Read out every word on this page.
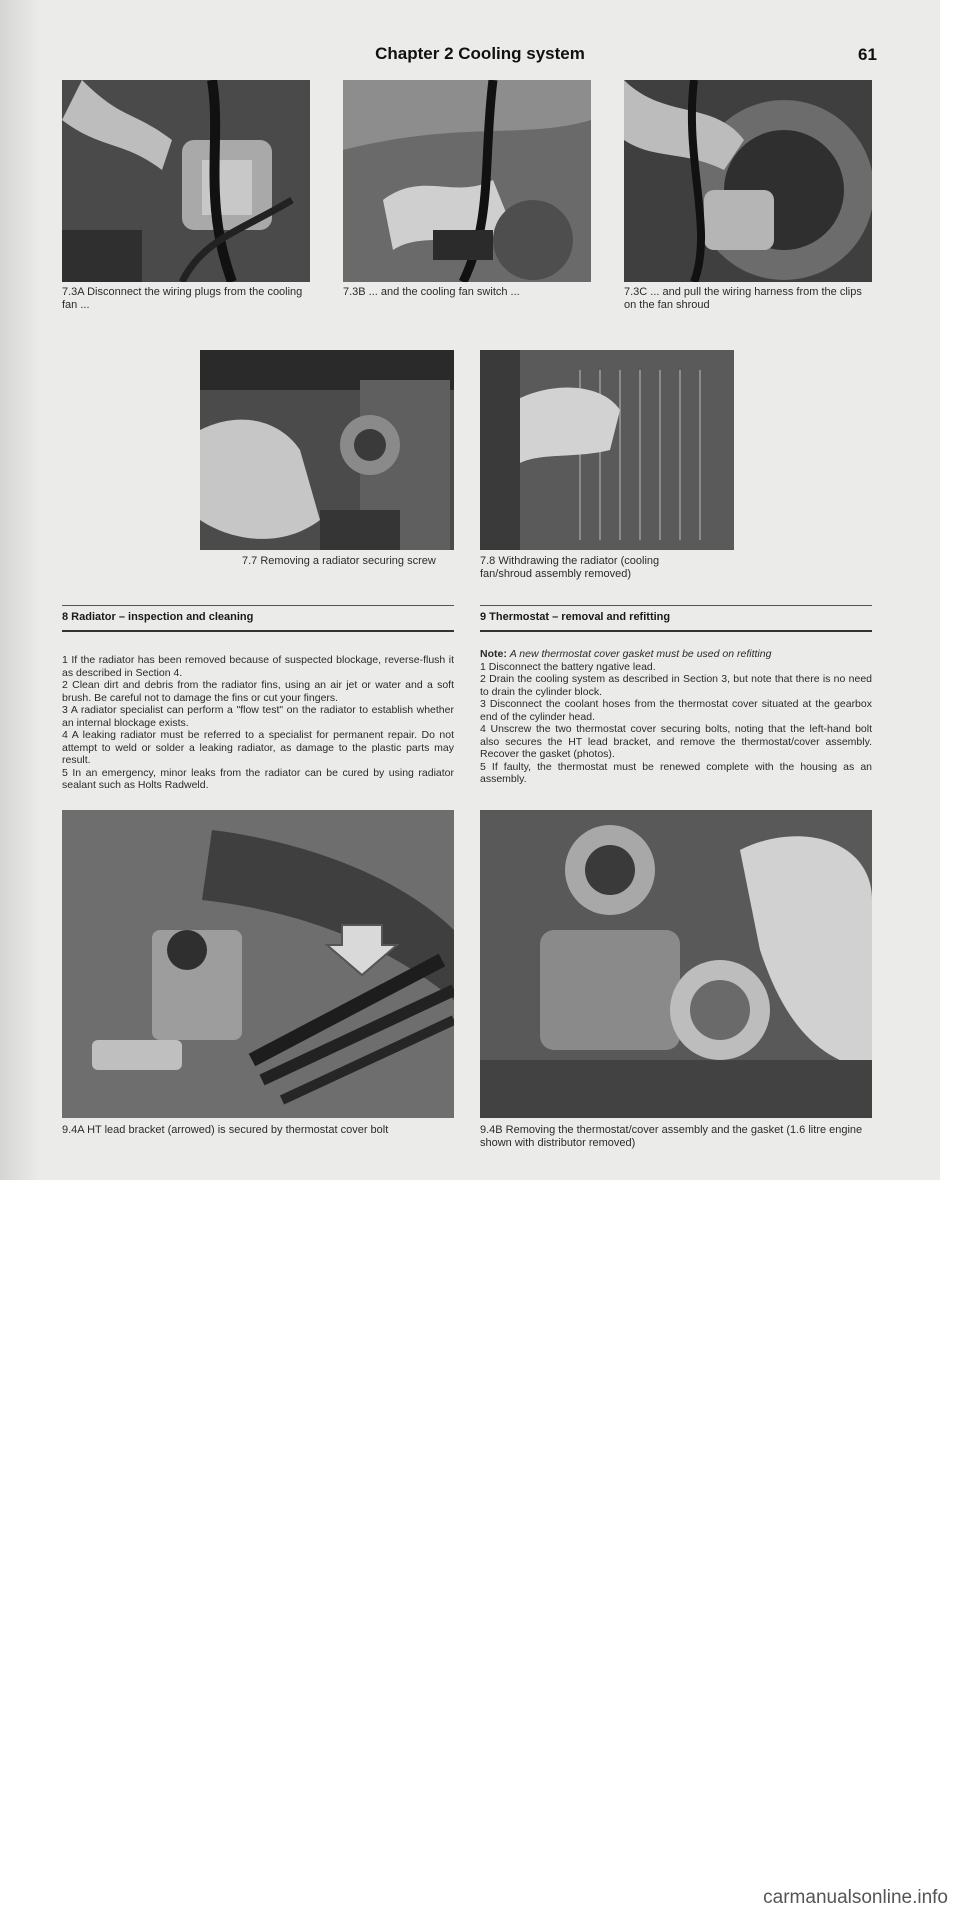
Chapter 2 Cooling system	61
7.3A Disconnect the wiring plugs from the cooling fan ...
7.3B ... and the cooling fan switch ...	7.3C ... and pull the wiring harness from the clips on the fan shroud
7.7 Removing a radiator securing screw	7.8 Withdrawing the radiator (cooling fan/shroud assembly removed)
8 Radiator – inspection and cleaning

1 If the radiator has been removed because of suspected blockage, reverse-flush it as described in Section 4.

2 Clean dirt and debris from the radiator fins, using an air jet or water and a soft brush. Be careful not to damage the fins or cut your fingers.

3 A radiator specialist can perform a "flow test" on the radiator to establish whether an internal blockage exists.

4 A leaking radiator must be referred to a specialist for permanent repair. Do not attempt to weld or solder a leaking radiator, as damage to the plastic parts may result.

5 In an emergency, minor leaks from the radiator can be cured by using radiator sealant such as Holts Radweld.

9 Thermostat – removal and refitting

Note: A new thermostat cover gasket must be used on refitting

1 Disconnect the battery ngative lead.

2 Drain the cooling system as described in Section 3, but note that there is no need to drain the cylinder block.

3 Disconnect the coolant hoses from the thermostat cover situated at the gearbox end of the cylinder head.

4 Unscrew the two thermostat cover securing bolts, noting that the left-hand bolt also secures the HT lead bracket, and remove the thermostat/cover assembly. Recover the gasket (photos).

5 If faulty, the thermostat must be renewed complete with the housing as an assembly.

9.4A HT lead bracket (arrowed) is secured by thermostat cover bolt	9.4B Removing the thermostat/cover assembly and the gasket (1.6 litre engine shown with distributor removed)
carmanualsonline.info
